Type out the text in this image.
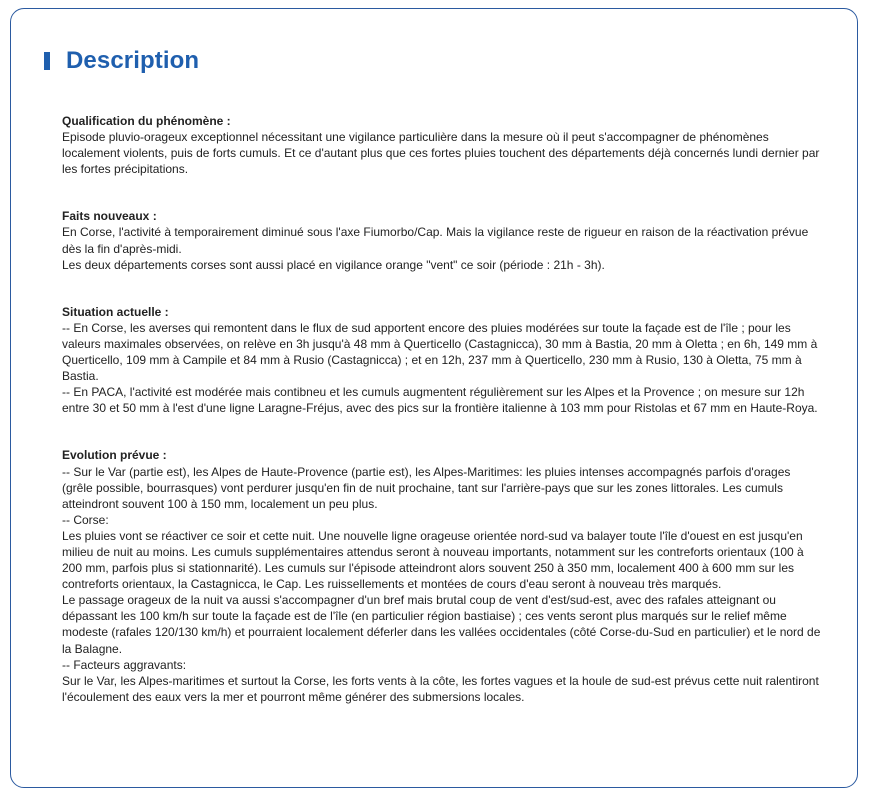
Description
Qualification du phénomène :

Episode pluvio-orageux exceptionnel nécessitant une vigilance particulière dans la mesure où il peut s'accompagner de phénomènes localement violents, puis de forts cumuls. Et ce d'autant plus que ces fortes pluies touchent des départements déjà concernés lundi dernier par les fortes précipitations.

Faits nouveaux :

En Corse, l'activité à temporairement diminué sous l'axe Fiumorbo/Cap. Mais la vigilance reste de rigueur en raison de la réactivation prévue dès la fin d'après-midi.

Les deux départements corses sont aussi placé en vigilance orange "vent" ce soir (période : 21h - 3h).

Situation actuelle :

-- En Corse, les averses qui remontent dans le flux de sud apportent encore des pluies modérées sur toute la façade est de l'île ; pour les valeurs maximales observées, on relève en 3h jusqu'à 48 mm à Querticello (Castagnicca), 30 mm à Bastia, 20 mm à Oletta ; en 6h, 149 mm à Querticello, 109 mm à Campile et 84 mm à Rusio (Castagnicca) ; et en 12h, 237 mm à Querticello, 230 mm à Rusio, 130 à Oletta, 75 mm à Bastia.

-- En PACA, l'activité est modérée mais contibneu et les cumuls augmentent régulièrement sur les Alpes et la Provence ; on mesure sur 12h entre 30 et 50 mm à l'est d'une ligne Laragne-Fréjus, avec des pics sur la frontière italienne à 103 mm pour Ristolas et 67 mm en Haute-Roya.

Evolution prévue :

-- Sur le Var (partie est), les Alpes de Haute-Provence (partie est), les Alpes-Maritimes: les pluies intenses accompagnés parfois d'orages (grêle possible, bourrasques) vont perdurer jusqu'en fin de nuit prochaine, tant sur l'arrière-pays que sur les zones littorales. Les cumuls atteindront souvent 100 à 150 mm, localement un peu plus.

-- Corse:

Les pluies vont se réactiver ce soir et cette nuit. Une nouvelle ligne orageuse orientée nord-sud va balayer toute l'île d'ouest en est jusqu'en milieu de nuit au moins. Les cumuls supplémentaires attendus seront à nouveau importants, notamment sur les contreforts orientaux (100 à 200 mm, parfois plus si stationnarité). Les cumuls sur l'épisode atteindront alors souvent 250 à 350 mm, localement 400 à 600 mm sur les contreforts orientaux, la Castagnicca, le Cap. Les ruissellements et montées de cours d'eau seront à nouveau très marqués.

Le passage orageux de la nuit va aussi s'accompagner d'un bref mais brutal coup de vent d'est/sud-est, avec des rafales atteignant ou dépassant les 100 km/h sur toute la façade est de l'île (en particulier région bastiaise) ; ces vents seront plus marqués sur le relief même modeste (rafales 120/130 km/h) et pourraient localement déferler dans les vallées occidentales (côté Corse-du-Sud en particulier) et le nord de la Balagne.

-- Facteurs aggravants:

Sur le Var, les Alpes-maritimes et surtout la Corse, les forts vents à la côte, les fortes vagues et la houle de sud-est prévus cette nuit ralentiront l'écoulement des eaux vers la mer et pourront même générer des submersions locales.
